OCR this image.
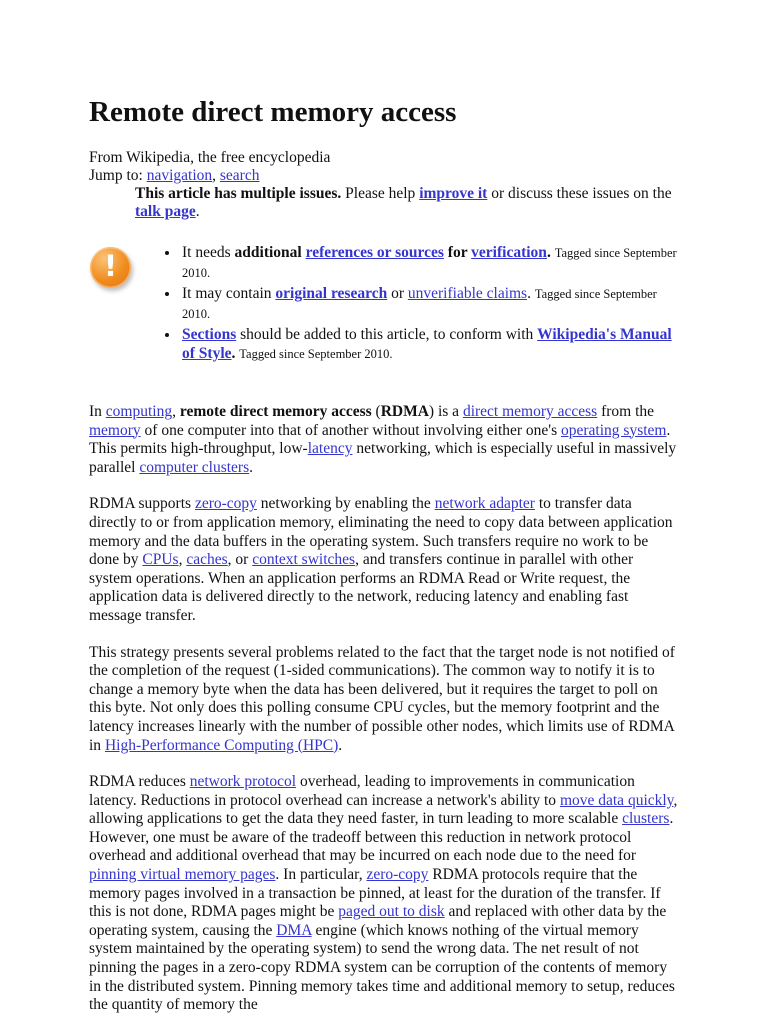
Remote direct memory access
From Wikipedia, the free encyclopedia
Jump to: navigation, search
This article has multiple issues. Please help improve it or discuss these issues on the talk page.
!	• It needs additional references or sources for verification. Tagged since September 2010.
• It may contain original research or unverifiable claims. Tagged since September 2010.
• Sections should be added to this article, to conform with Wikipedia's Manual of Style. Tagged since September 2010.

In computing, remote direct memory access (RDMA) is a direct memory access from the memory of one computer into that of another without involving either one's operating system. This permits high-throughput, low-latency networking, which is especially useful in massively parallel computer clusters.

RDMA supports zero-copy networking by enabling the network adapter to transfer data directly to or from application memory, eliminating the need to copy data between application memory and the data buffers in the operating system. Such transfers require no work to be done by CPUs, caches, or context switches, and transfers continue in parallel with other system operations. When an application performs an RDMA Read or Write request, the application data is delivered directly to the network, reducing latency and enabling fast message transfer.

This strategy presents several problems related to the fact that the target node is not notified of the completion of the request (1-sided communications). The common way to notify it is to change a memory byte when the data has been delivered, but it requires the target to poll on this byte. Not only does this polling consume CPU cycles, but the memory footprint and the latency increases linearly with the number of possible other nodes, which limits use of RDMA in High-Performance Computing (HPC).

RDMA reduces network protocol overhead, leading to improvements in communication latency. Reductions in protocol overhead can increase a network's ability to move data quickly, allowing applications to get the data they need faster, in turn leading to more scalable clusters. However, one must be aware of the tradeoff between this reduction in network protocol overhead and additional overhead that may be incurred on each node due to the need for pinning virtual memory pages. In particular, zero-copy RDMA protocols require that the memory pages involved in a transaction be pinned, at least for the duration of the transfer. If this is not done, RDMA pages might be paged out to disk and replaced with other data by the operating system, causing the DMA engine (which knows nothing of the virtual memory system maintained by the operating system) to send the wrong data. The net result of not pinning the pages in a zero-copy RDMA system can be corruption of the contents of memory in the distributed system. Pinning memory takes time and additional memory to setup, reduces the quantity of memory the
